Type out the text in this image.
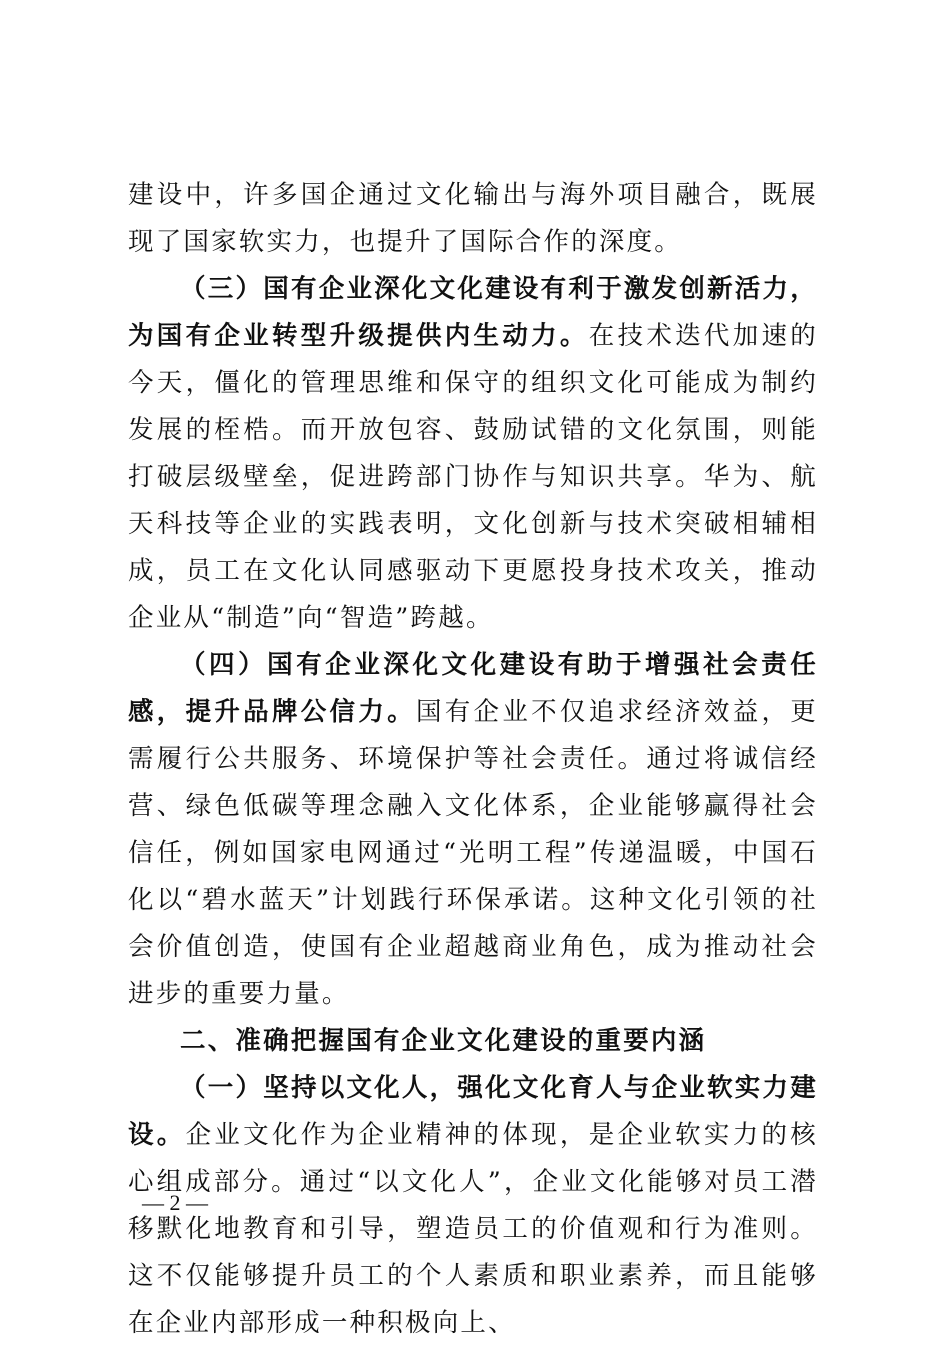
建设中，许多国企通过文化输出与海外项目融合，既展现了国家软实力，也提升了国际合作的深度。

（三）国有企业深化文化建设有利于激发创新活力，为国有企业转型升级提供内生动力。在技术迭代加速的今天，僵化的管理思维和保守的组织文化可能成为制约发展的桎梏。而开放包容、鼓励试错的文化氛围，则能打破层级壁垒，促进跨部门协作与知识共享。华为、航天科技等企业的实践表明，文化创新与技术突破相辅相成，员工在文化认同感驱动下更愿投身技术攻关，推动企业从“制造”向“智造”跨越。

（四）国有企业深化文化建设有助于增强社会责任感，提升品牌公信力。国有企业不仅追求经济效益，更需履行公共服务、环境保护等社会责任。通过将诚信经营、绿色低碳等理念融入文化体系，企业能够赢得社会信任，例如国家电网通过“光明工程”传递温暖，中国石化以“碧水蓝天”计划践行环保承诺。这种文化引领的社会价值创造，使国有企业超越商业角色，成为推动社会进步的重要力量。

二、准确把握国有企业文化建设的重要内涵

（一）坚持以文化人，强化文化育人与企业软实力建设。企业文化作为企业精神的体现，是企业软实力的核心组成部分。通过“以文化人”，企业文化能够对员工潜移默化地教育和引导，塑造员工的价值观和行为准则。这不仅能够提升员工的个人素质和职业素养，而且能够在企业内部形成一种积极向上、

— 2 —
